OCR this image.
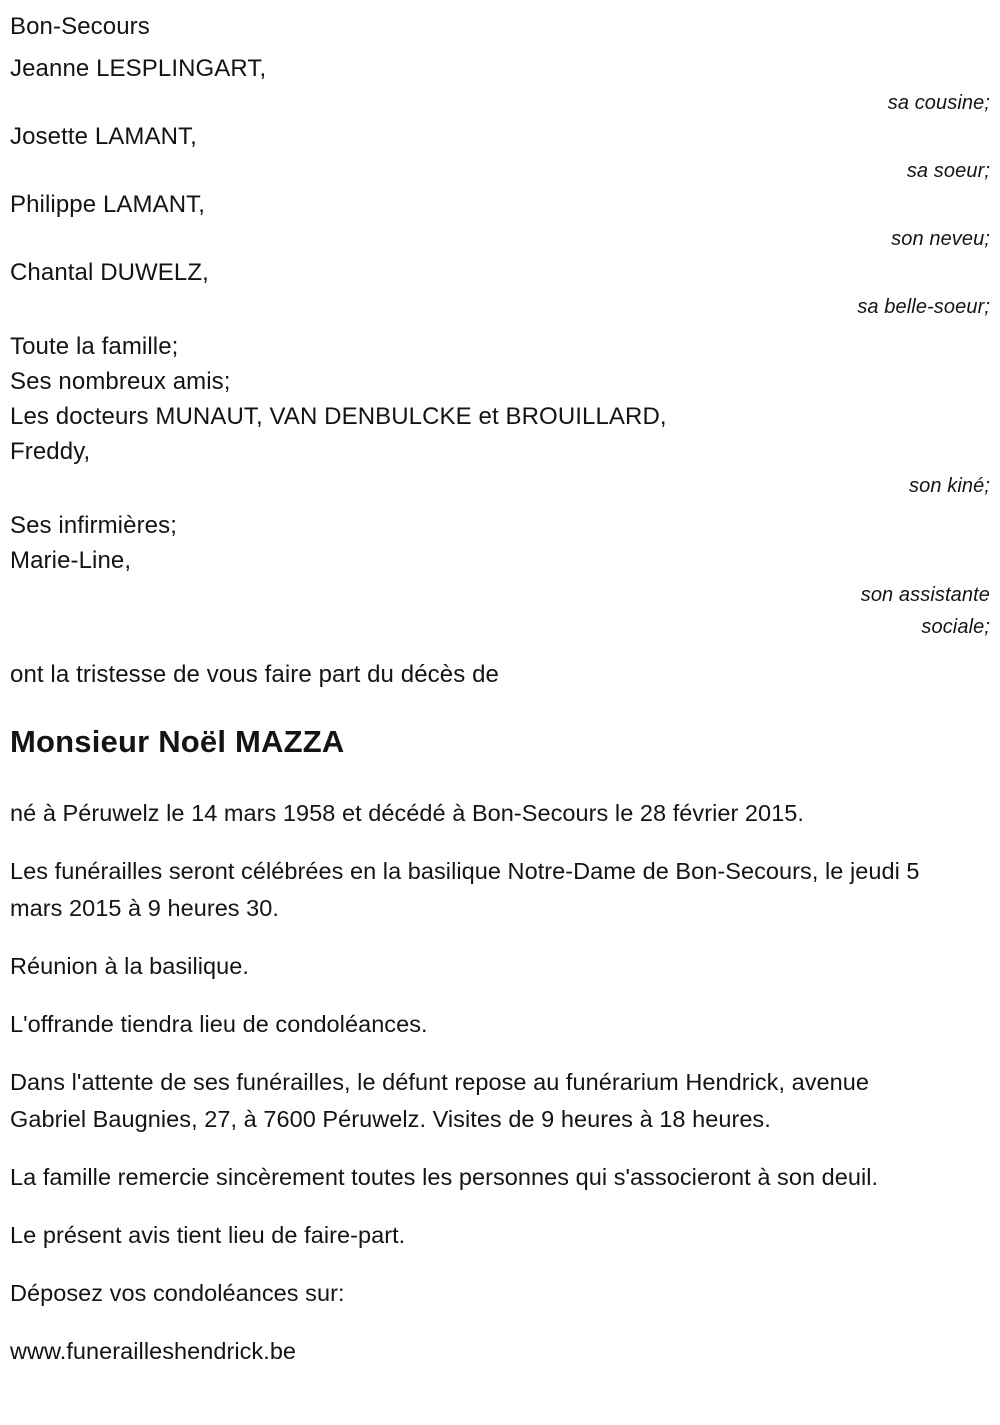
Bon-Secours
Jeanne LESPLINGART,
sa cousine;
Josette LAMANT,
sa soeur;
Philippe LAMANT,
son neveu;
Chantal DUWELZ,
sa belle-soeur;
Toute la famille;
Ses nombreux amis;
Les docteurs MUNAUT, VAN DENBULCKE et BROUILLARD,
Freddy,
son kiné;
Ses infirmières;
Marie-Line,
son assistante sociale;
ont la tristesse de vous faire part du décès de
Monsieur Noël MAZZA

né à Péruwelz le 14 mars 1958 et décédé à Bon-Secours le 28 février 2015.

Les funérailles seront célébrées en la basilique Notre-Dame de Bon-Secours, le jeudi 5 mars 2015 à 9 heures 30.

Réunion à la basilique.

L'offrande tiendra lieu de condoléances.

Dans l'attente de ses funérailles, le défunt repose au funérarium Hendrick, avenue Gabriel Baugnies, 27, à 7600 Péruwelz. Visites de 9 heures à 18 heures.

La famille remercie sincèrement toutes les personnes qui s'associeront à son deuil.

Le présent avis tient lieu de faire-part.

Déposez vos condoléances sur:

www.funerailleshendrick.be
